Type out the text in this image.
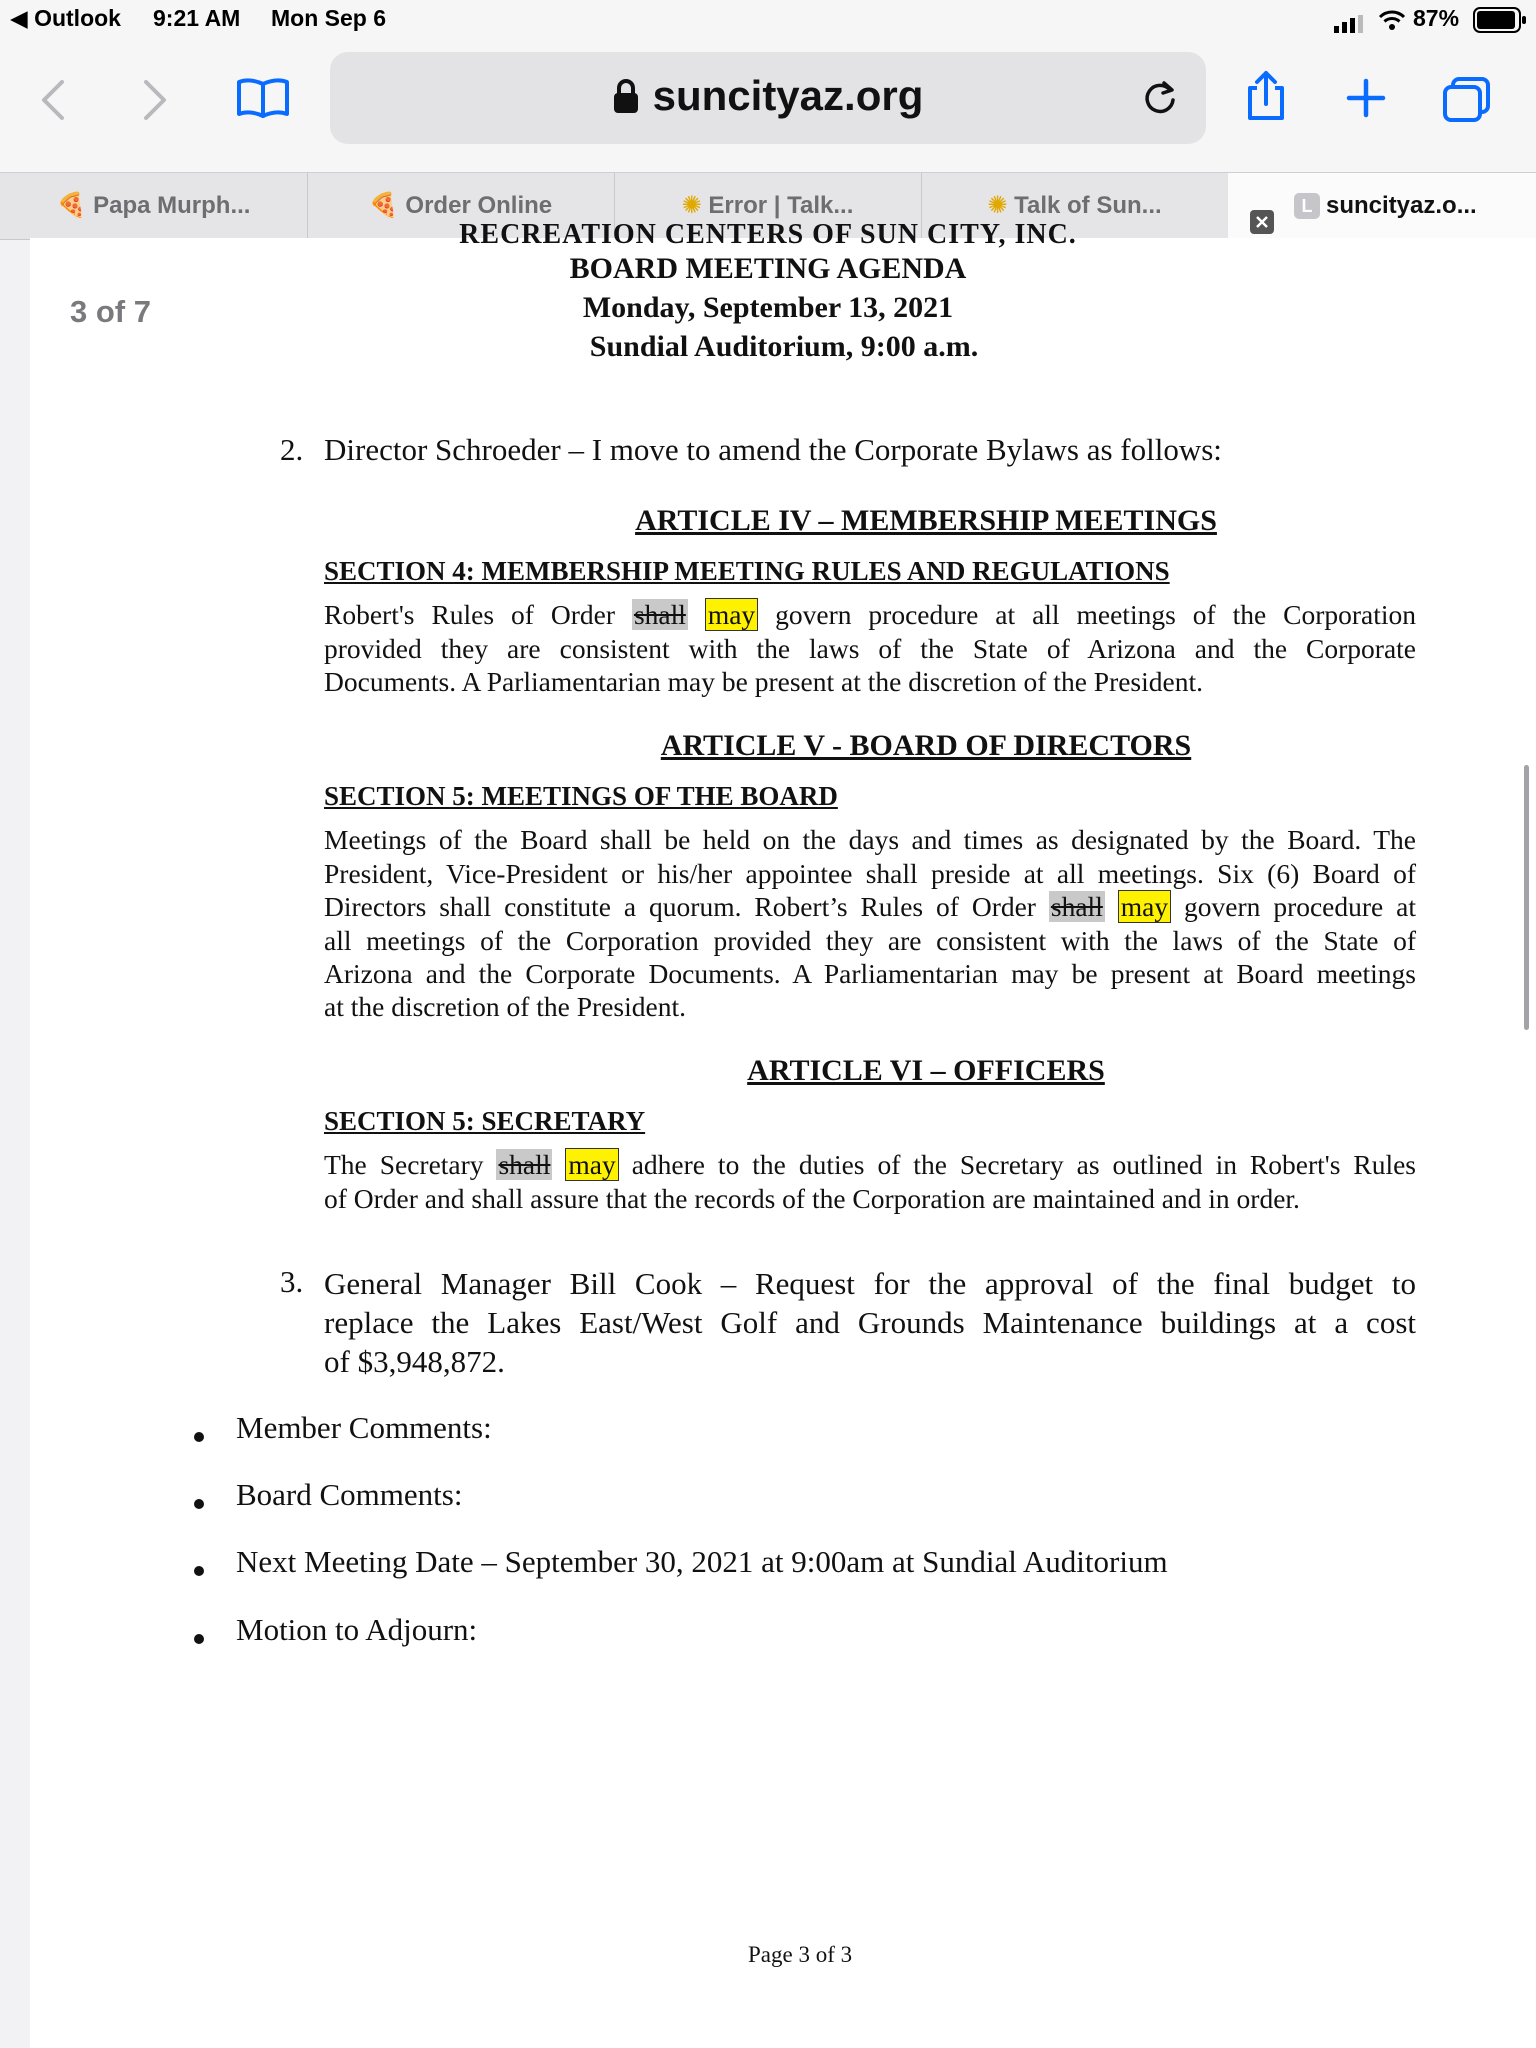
◀ Outlook 9:21 AM Mon Sep 6	87%
suncityaz.org
🍕 Papa Murph...	🍕 Order Online	✺ Error | Talk...	✺ Talk of Sun...	L suncityaz.o...
RECREATION CENTERS OF SUN CITY, INC.
BOARD MEETING AGENDA
Monday, September 13, 2021
Sundial Auditorium, 9:00 a.m.
2. Director Schroeder – I move to amend the Corporate Bylaws as follows:
ARTICLE IV – MEMBERSHIP MEETINGS
SECTION 4: MEMBERSHIP MEETING RULES AND REGULATIONS
Robert's Rules of Order shall may govern procedure at all meetings of the Corporation
provided they are consistent with the laws of the State of Arizona and the Corporate
Documents. A Parliamentarian may be present at the discretion of the President.
ARTICLE V - BOARD OF DIRECTORS
SECTION 5: MEETINGS OF THE BOARD
Meetings of the Board shall be held on the days and times as designated by the Board. The
President, Vice-President or his/her appointee shall preside at all meetings. Six (6) Board of
Directors shall constitute a quorum. Robert’s Rules of Order shall may govern procedure at
all meetings of the Corporation provided they are consistent with the laws of the State of
Arizona and the Corporate Documents. A Parliamentarian may be present at Board meetings
at the discretion of the President.
ARTICLE VI – OFFICERS
SECTION 5: SECRETARY
The Secretary shall may adhere to the duties of the Secretary as outlined in Robert's Rules
of Order and shall assure that the records of the Corporation are maintained and in order.
3. General Manager Bill Cook – Request for the approval of the final budget to
replace the Lakes East/West Golf and Grounds Maintenance buildings at a cost
of $3,948,872.
Member Comments:
Board Comments:
Next Meeting Date – September 30, 2021 at 9:00am at Sundial Auditorium
Motion to Adjourn:
Page 3 of 3
3 of 7
